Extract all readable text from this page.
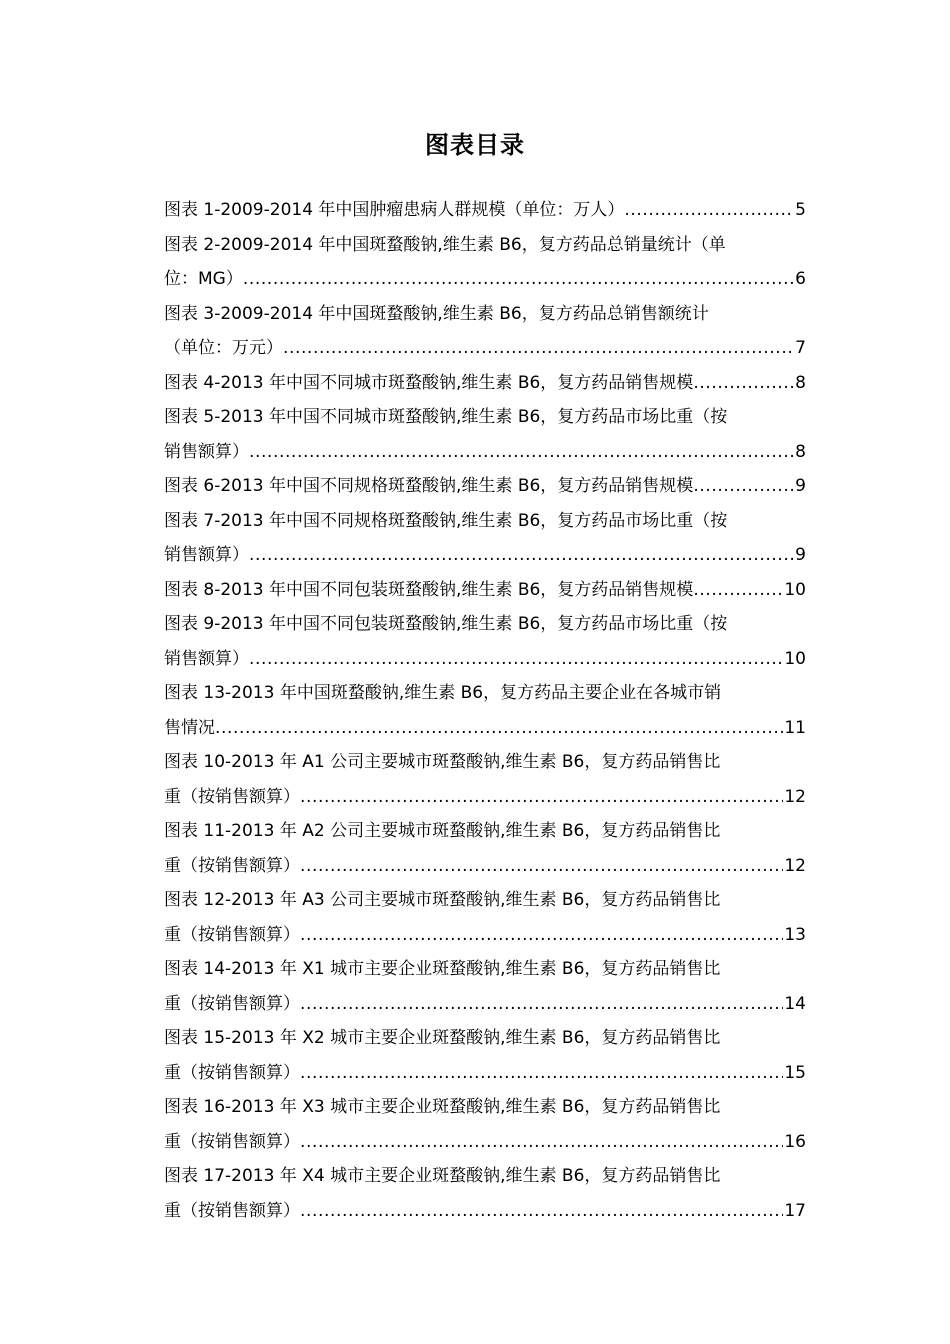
图表目录
图表 1-2009-2014 年中国肿瘤患病人群规模（单位：万人） .....	5
图表 2-2009-2014 年中国斑蝥酸钠,维生素 B6，复方药品总销量统计（单
位：MG） .....	6
图表 3-2009-2014 年中国斑蝥酸钠,维生素 B6，复方药品总销售额统计
（单位：万元） .....	7
图表 4-2013 年中国不同城市斑蝥酸钠,维生素 B6，复方药品销售规模 .....	8
图表 5-2013 年中国不同城市斑蝥酸钠,维生素 B6，复方药品市场比重（按
销售额算） .....	8
图表 6-2013 年中国不同规格斑蝥酸钠,维生素 B6，复方药品销售规模 .....	9
图表 7-2013 年中国不同规格斑蝥酸钠,维生素 B6，复方药品市场比重（按
销售额算） .....	9
图表 8-2013 年中国不同包装斑蝥酸钠,维生素 B6，复方药品销售规模 .....	10
图表 9-2013 年中国不同包装斑蝥酸钠,维生素 B6，复方药品市场比重（按
销售额算） .....	10
图表 13-2013 年中国斑蝥酸钠,维生素 B6，复方药品主要企业在各城市销
售情况 .....	11
图表 10-2013 年 A1 公司主要城市斑蝥酸钠,维生素 B6，复方药品销售比
重（按销售额算） .....	12
图表 11-2013 年 A2 公司主要城市斑蝥酸钠,维生素 B6，复方药品销售比
重（按销售额算） .....	12
图表 12-2013 年 A3 公司主要城市斑蝥酸钠,维生素 B6，复方药品销售比
重（按销售额算） .....	13
图表 14-2013 年 X1 城市主要企业斑蝥酸钠,维生素 B6，复方药品销售比
重（按销售额算） .....	14
图表 15-2013 年 X2 城市主要企业斑蝥酸钠,维生素 B6，复方药品销售比
重（按销售额算） .....	15
图表 16-2013 年 X3 城市主要企业斑蝥酸钠,维生素 B6，复方药品销售比
重（按销售额算） .....	16
图表 17-2013 年 X4 城市主要企业斑蝥酸钠,维生素 B6，复方药品销售比
重（按销售额算） .....	17
